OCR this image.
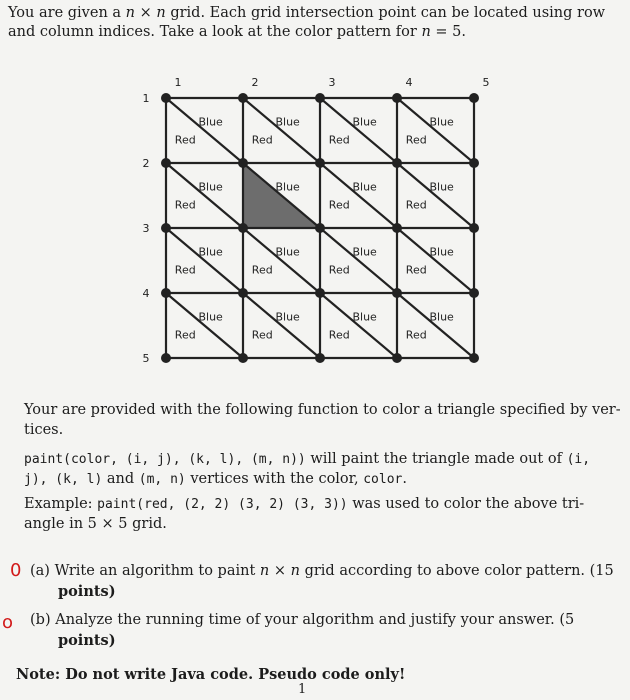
You are given a n × n grid. Each grid intersection point can be located using row

and column indices. Take a look at the color pattern for n = 5.

Blue
Red
Blue
Red
Blue
Red
Blue
Red
Blue
Red
Blue	Blue
Red
Blue
Red
Blue
Red
Blue
Red
Blue
Red
Blue
Red
Blue
Red
Blue
Red
Blue
Red
Blue
Red
1	2	3	4	5
1
2
3
4
5

Your are provided with the following function to color a triangle specified by ver-

tices.

paint(color, (i, j), (k, l), (m, n)) will paint the triangle made out of (i,

j), (k, l) and (m, n) vertices with the color, color.

Example: paint(red, (2, 2) (3, 2) (3, 3)) was used to color the above tri-

angle in 5 × 5 grid.

0 (a) Write an algorithm to paint n × n grid according to above color pattern. (15

points)

o (b) Analyze the running time of your algorithm and justify your answer. (5

points)

Note: Do not write Java code. Pseudo code only!

1
